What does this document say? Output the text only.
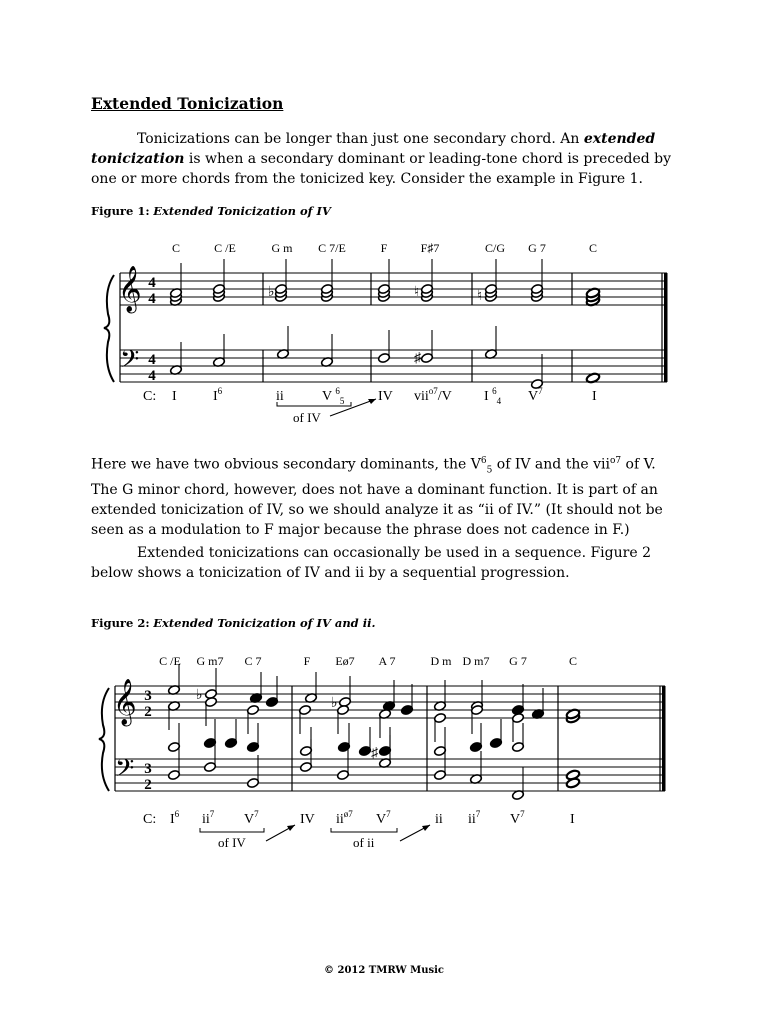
Extended Tonicization
Tonicizations can be longer than just one secondary chord. An extended tonicization is when a secondary dominant or leading-tone chord is preceded by one or more chords from the tonicized key. Consider the example in Figure 1.
Figure 1: Extended Tonicization of IV
C	C /E	G m C 7/E	F	F♯7	C/G G 7	C
𝄞
𝄢
4
4
4
4
♭	♮	♮
♯
C: I	$I^6$	ii	V $^6_5$ IV vii$^{o7}$/V I $^6_4$ $V^7$	I
of IV
Here we have two obvious secondary dominants, the $V^6_5$ of IV and the vii$^{o7}$ of V. The G minor chord, however, does not have a dominant function. It is part of an extended tonicization of IV, so we should analyze it as “ii of IV.” (It should not be seen as a modulation to F major because the phrase does not cadence in F.)
Extended tonicizations can occasionally be used in a sequence. Figure 2 below shows a tonicization of IV and ii by a sequential progression.
Figure 2: Extended Tonicization of IV and ii.
C /E G m7 C 7	F Eø7 A 7	D m D m7 G 7	C
𝄞
𝄢
3
2
3
2
♭
♭
♯
C: $I^6$ $ii^7$ $V^7$	IV $ii^{ø7}$ $V^7$	ii $ii^7$ $V^7$	I
of IV	of ii
© 2012 TMRW Music
